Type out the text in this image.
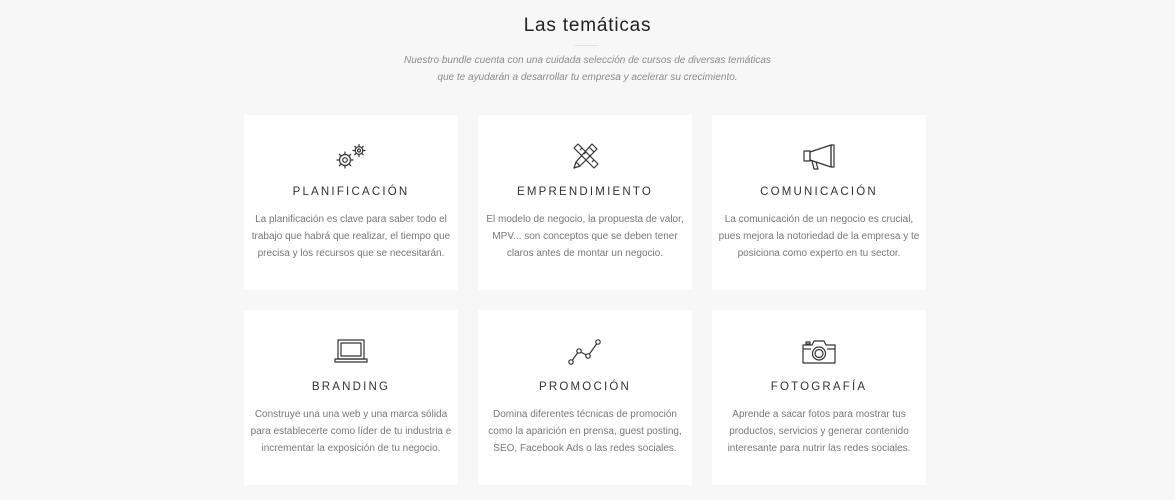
Las temáticas
Nuestro bundle cuenta con una cuidada selección de cursos de diversas temáticas
que te ayudarán a desarrollar tu empresa y acelerar su crecimiento.
PLANIFICACIÓN
La planificación es clave para saber todo el
trabajo que habrá que realizar, el tiempo que
precisa y los recursos que se necesitarán.
EMPRENDIMIENTO
El modelo de negocio, la propuesta de valor,
MPV... son conceptos que se deben tener
claros antes de montar un negocio.
COMUNICACIÓN
La comunicación de un negocio es crucial,
pues mejora la notoriedad de la empresa y te
posiciona como experto en tu sector.
BRANDING
Construye una una web y una marca sólida
para establecerte como líder de tu industria e
incrementar la exposición de tu negocio.
PROMOCIÓN
Domina diferentes técnicas de promoción
como la aparición en prensa, guest posting,
SEO, Facebook Ads o las redes sociales.
FOTOGRAFÍA
Aprende a sacar fotos para mostrar tus
productos, servicios y generar contenido
interesante para nutrir las redes sociales.
